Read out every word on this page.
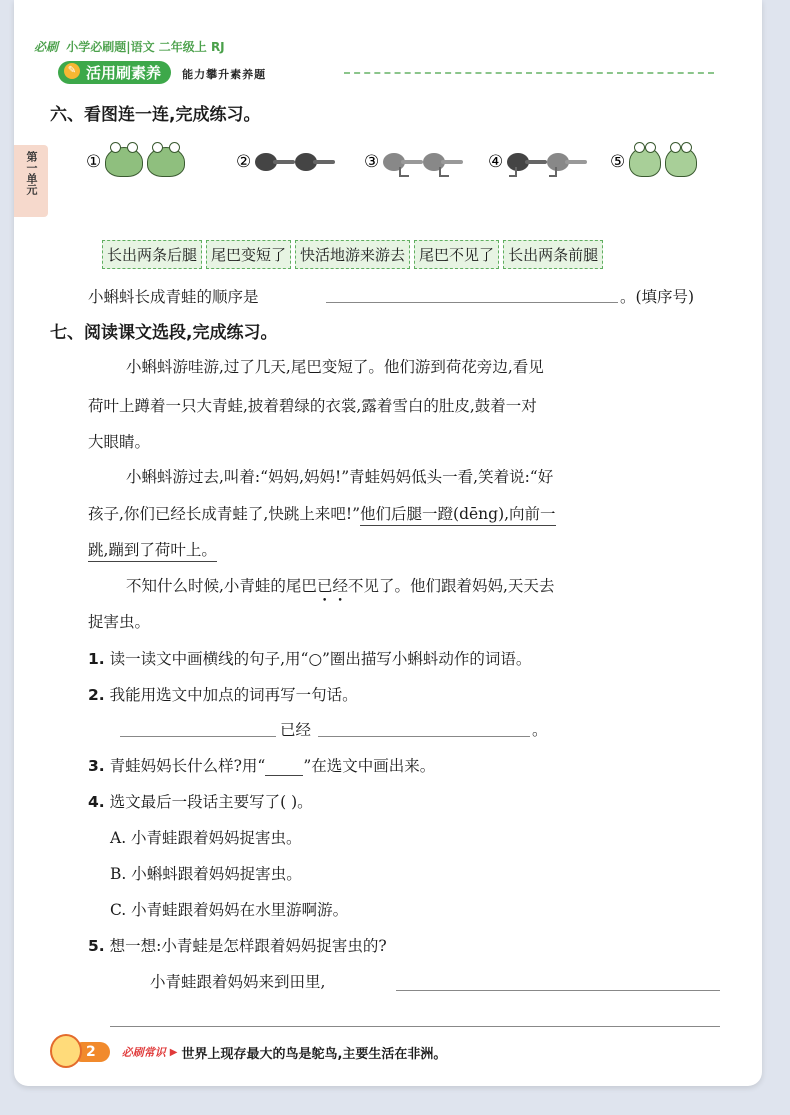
必刷 小学必刷题|语文 二年级上 RJ
✎ 活用刷素养 能力攀升素养题
第一单元
六、看图连一连,完成练习。
①	②	③	④	⑤
长出两条后腿 尾巴变短了 快活地游来游去 尾巴不见了 长出两条前腿
小蝌蚪长成青蛙的顺序是	。(填序号)
七、阅读课文选段,完成练习。
小蝌蚪游哇游,过了几天,尾巴变短了。他们游到荷花旁边,看见
荷叶上蹲着一只大青蛙,披着碧绿的衣裳,露着雪白的肚皮,鼓着一对
大眼睛。
小蝌蚪游过去,叫着:“妈妈,妈妈!”青蛙妈妈低头一看,笑着说:“好
孩子,你们已经长成青蛙了,快跳上来吧!”他们后腿一蹬(dēng),向前一
跳,蹦到了荷叶上。
不知什么时候,小青蛙的尾巴已经不见了。他们跟着妈妈,天天去
捉害虫。
1. 读一读文中画横线的句子,用“○”圈出描写小蝌蚪动作的词语。
2. 我能用选文中加点的词再写一句话。
已经	。
3. 青蛙妈妈长什么样?用“ ”在选文中画出来。
4. 选文最后一段话主要写了( )。
A. 小青蛙跟着妈妈捉害虫。
B. 小蝌蚪跟着妈妈捉害虫。
C. 小青蛙跟着妈妈在水里游啊游。
5. 想一想:小青蛙是怎样跟着妈妈捉害虫的?
小青蛙跟着妈妈来到田里,
2	必刷常识 ▶ 世界上现存最大的鸟是鸵鸟,主要生活在非洲。
